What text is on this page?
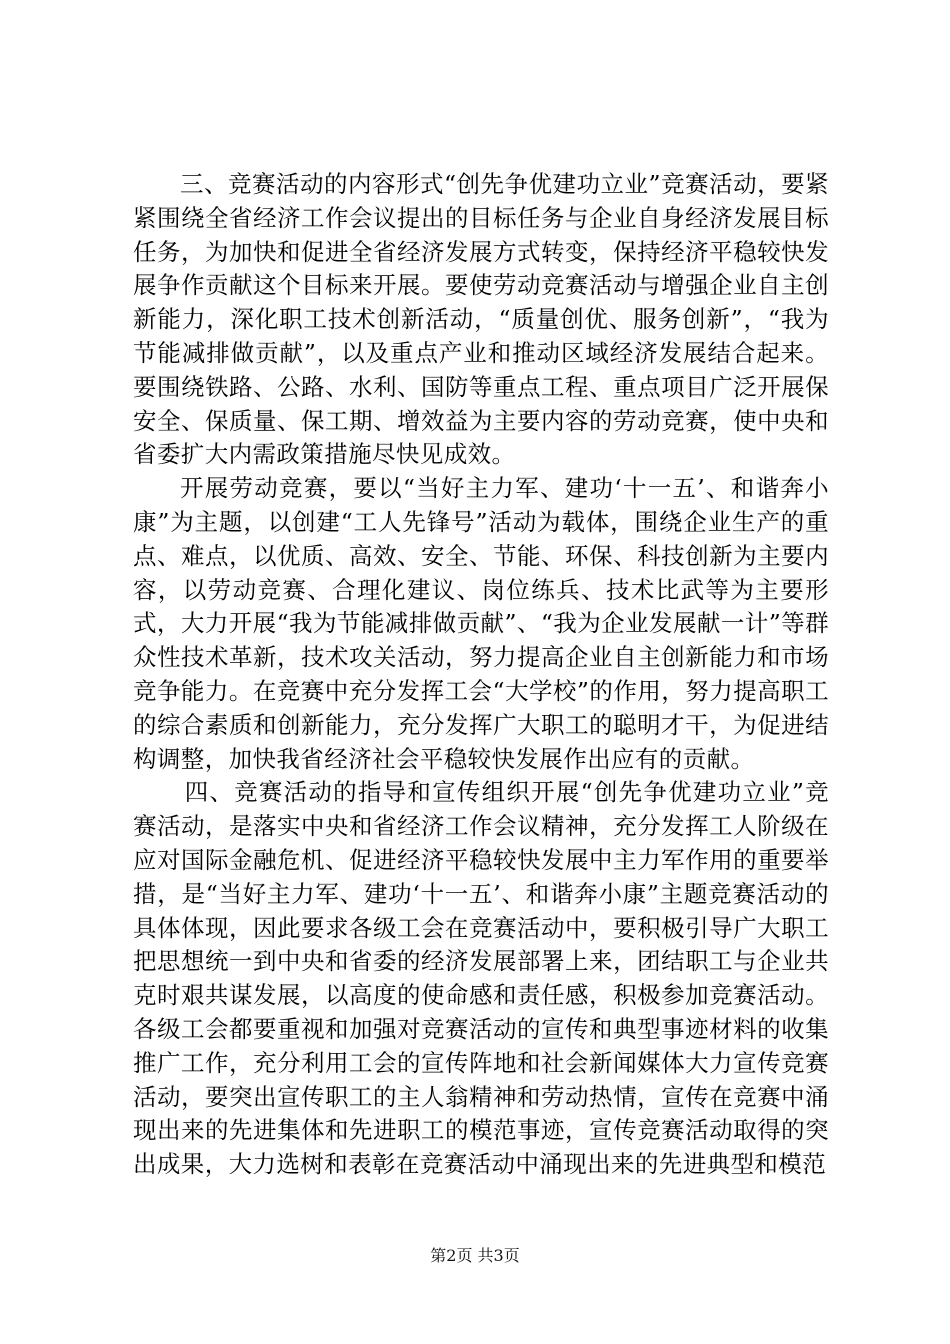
三、竞赛活动的内容形式“创先争优建功立业”竞赛活动，要紧紧围绕全省经济工作会议提出的目标任务与企业自身经济发展目标任务，为加快和促进全省经济发展方式转变，保持经济平稳较快发展争作贡献这个目标来开展。要使劳动竞赛活动与增强企业自主创新能力，深化职工技术创新活动，“质量创优、服务创新”，“我为节能减排做贡献”，以及重点产业和推动区域经济发展结合起来。要围绕铁路、公路、水利、国防等重点工程、重点项目广泛开展保安全、保质量、保工期、增效益为主要内容的劳动竞赛，使中央和省委扩大内需政策措施尽快见成效。

开展劳动竞赛，要以“当好主力军、建功‘十一五’、和谐奔小康”为主题，以创建“工人先锋号”活动为载体，围绕企业生产的重点、难点，以优质、高效、安全、节能、环保、科技创新为主要内容，以劳动竞赛、合理化建议、岗位练兵、技术比武等为主要形式，大力开展“我为节能减排做贡献”、“我为企业发展献一计”等群众性技术革新，技术攻关活动，努力提高企业自主创新能力和市场竞争能力。在竞赛中充分发挥工会“大学校”的作用，努力提高职工的综合素质和创新能力，充分发挥广大职工的聪明才干，为促进结构调整，加快我省经济社会平稳较快发展作出应有的贡献。

四、竞赛活动的指导和宣传组织开展“创先争优建功立业”竞赛活动，是落实中央和省经济工作会议精神，充分发挥工人阶级在应对国际金融危机、促进经济平稳较快发展中主力军作用的重要举措，是“当好主力军、建功‘十一五’、和谐奔小康”主题竞赛活动的具体体现，因此要求各级工会在竞赛活动中，要积极引导广大职工把思想统一到中央和省委的经济发展部署上来，团结职工与企业共克时艰共谋发展，以高度的使命感和责任感，积极参加竞赛活动。各级工会都要重视和加强对竞赛活动的宣传和典型事迹材料的收集推广工作，充分利用工会的宣传阵地和社会新闻媒体大力宣传竞赛活动，要突出宣传职工的主人翁精神和劳动热情，宣传在竞赛中涌现出来的先进集体和先进职工的模范事迹，宣传竞赛活动取得的突出成果，大力选树和表彰在竞赛活动中涌现出来的先进典型和模范

第2页 共3页
